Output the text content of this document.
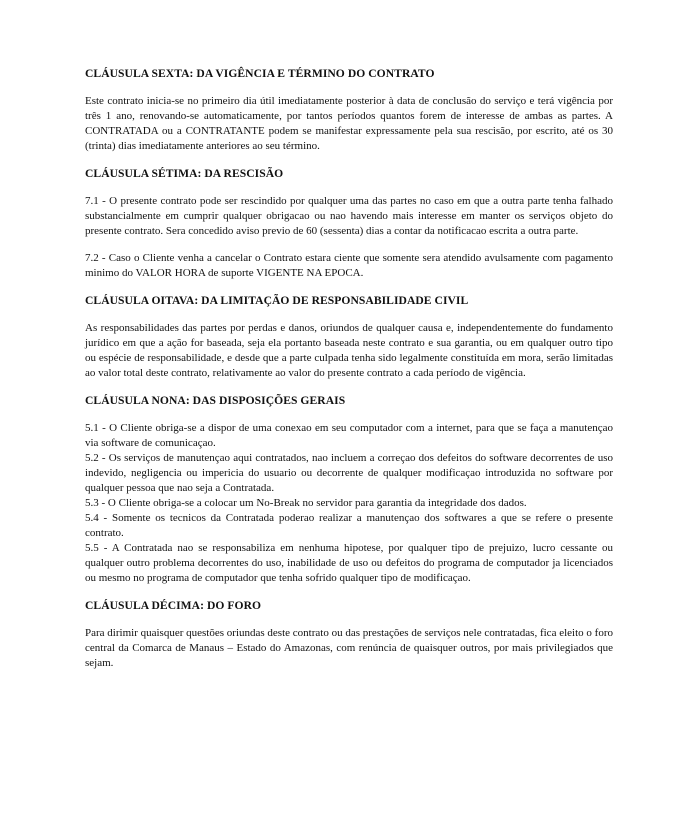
CLÁUSULA SEXTA: DA VIGÊNCIA E TÉRMINO DO CONTRATO

Este contrato inicia-se no primeiro dia útil imediatamente posterior à data de conclusão do serviço e terá vigência por três 1 ano, renovando-se automaticamente, por tantos períodos quantos forem de interesse de ambas as partes. A CONTRATADA ou a CONTRATANTE podem se manifestar expressamente pela sua rescisão, por escrito, até os 30 (trinta) dias imediatamente anteriores ao seu término.

CLÁUSULA SÉTIMA: DA RESCISÃO

7.1 - O presente contrato pode ser rescindido por qualquer uma das partes no caso em que a outra parte tenha falhado substancialmente em cumprir qualquer obrigacao ou nao havendo mais interesse em manter os serviços objeto do presente contrato. Sera concedido aviso previo de 60 (sessenta) dias a contar da notificacao escrita a outra parte.

7.2 - Caso o Cliente venha a cancelar o Contrato estara ciente que somente sera atendido avulsamente com pagamento minimo do VALOR HORA de suporte VIGENTE NA EPOCA.

CLÁUSULA OITAVA: DA LIMITAÇÃO DE RESPONSABILIDADE CIVIL

As responsabilidades das partes por perdas e danos, oriundos de qualquer causa e, independentemente do fundamento jurídico em que a ação for baseada, seja ela portanto baseada neste contrato e sua garantia, ou em qualquer outro tipo ou espécie de responsabilidade, e desde que a parte culpada tenha sido legalmente constituída em mora, serão limitadas ao valor total deste contrato, relativamente ao valor do presente contrato a cada período de vigência.

CLÁUSULA NONA: DAS DISPOSIÇÕES GERAIS

5.1 - O Cliente obriga-se a dispor de uma conexao em seu computador com a internet, para que se faça a manutençao via software de comunicaçao.

5.2 - Os serviços de manutençao aqui contratados, nao incluem a correçao dos defeitos do software decorrentes de uso indevido, negligencia ou impericia do usuario ou decorrente de qualquer modificaçao introduzida no software por qualquer pessoa que nao seja a Contratada.

5.3 - O Cliente obriga-se a colocar um No-Break no servidor para garantia da integridade dos dados.

5.4 - Somente os tecnicos da Contratada poderao realizar a manutençao dos softwares a que se refere o presente contrato.

5.5 - A Contratada nao se responsabiliza em nenhuma hipotese, por qualquer tipo de prejuizo, lucro cessante ou qualquer outro problema decorrentes do uso, inabilidade de uso ou defeitos do programa de computador ja licenciados ou mesmo no programa de computador que tenha sofrido qualquer tipo de modificaçao.

CLÁUSULA DÉCIMA: DO FORO

Para dirimir quaisquer questões oriundas deste contrato ou das prestações de serviços nele contratadas, fica eleito o foro central da Comarca de Manaus – Estado do Amazonas, com renúncia de quaisquer outros, por mais privilegiados que sejam.
